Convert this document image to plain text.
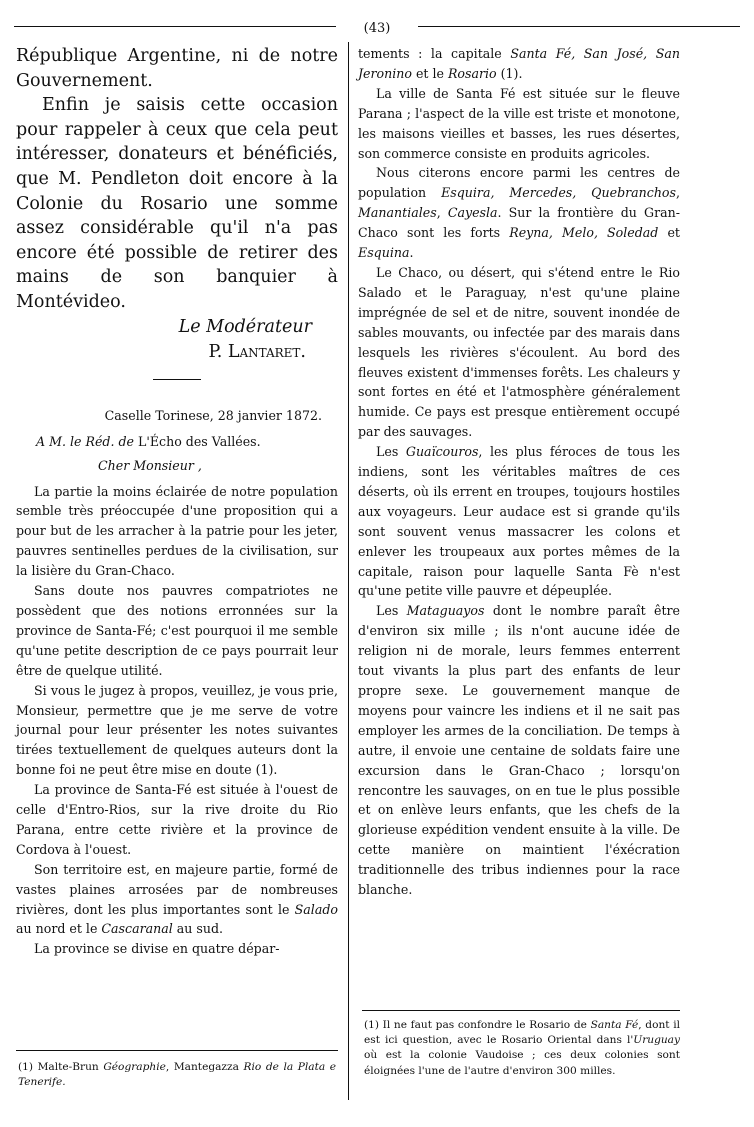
(43)

République Argentine, ni de notre Gouvernement.

Enfin je saisis cette occasion pour rappeler à ceux que cela peut intéresser, donateurs et bénéficiés, que M. Pendleton doit encore à la Colonie du Rosario une somme assez considérable qu'il n'a pas encore été possible de retirer des mains de son banquier à Montévideo.

Le Modérateur
P. Lantaret.
Caselle Torinese, 28 janvier 1872.
A M. le Réd. de L'Écho des Vallées.
Cher Monsieur ,

La partie la moins éclairée de notre population semble très préoccupée d'une proposition qui a pour but de les arracher à la patrie pour les jeter, pauvres sentinelles perdues de la civilisation, sur la lisière du Gran-Chaco.

Sans doute nos pauvres compatriotes ne possèdent que des notions erronnées sur la province de Santa-Fé; c'est pourquoi il me semble qu'une petite description de ce pays pourrait leur être de quelque utilité.

Si vous le jugez à propos, veuillez, je vous prie, Monsieur, permettre que je me serve de votre journal pour leur présenter les notes suivantes tirées textuellement de quelques auteurs dont la bonne foi ne peut être mise en doute (1).

La province de Santa-Fé est située à l'ouest de celle d'Entro-Rios, sur la rive droite du Rio Parana, entre cette rivière et la province de Cordova à l'ouest.

Son territoire est, en majeure partie, formé de vastes plaines arrosées par de nombreuses rivières, dont les plus importantes sont le Salado au nord et le Cascaranal au sud.

La province se divise en quatre dépar-

(1) Malte-Brun Géographie, Mantegazza Rio de la Plata e Tenerife.

tements : la capitale Santa Fé, San José, San Jeronino et le Rosario (1).

La ville de Santa Fé est située sur le fleuve Parana ; l'aspect de la ville est triste et monotone, les maisons vieilles et basses, les rues désertes, son commerce consiste en produits agricoles.

Nous citerons encore parmi les centres de population Esquira, Mercedes, Quebranchos, Manantiales, Cayesla. Sur la frontière du Gran-Chaco sont les forts Reyna, Melo, Soledad et Esquina.

Le Chaco, ou désert, qui s'étend entre le Rio Salado et le Paraguay, n'est qu'une plaine imprégnée de sel et de nitre, souvent inondée de sables mouvants, ou infectée par des marais dans lesquels les rivières s'écoulent. Au bord des fleuves existent d'immenses forêts. Les chaleurs y sont fortes en été et l'atmosphère généralement humide. Ce pays est presque entièrement occupé par des sauvages.

Les Guaïcouros, les plus féroces de tous les indiens, sont les véritables maîtres de ces déserts, où ils errent en troupes, toujours hostiles aux voyageurs. Leur audace est si grande qu'ils sont souvent venus massacrer les colons et enlever les troupeaux aux portes mêmes de la capitale, raison pour laquelle Santa Fè n'est qu'une petite ville pauvre et dépeuplée.

Les Mataguayos dont le nombre paraît être d'environ six mille ; ils n'ont aucune idée de religion ni de morale, leurs femmes enterrent tout vivants la plus part des enfants de leur propre sexe. Le gouvernement manque de moyens pour vaincre les indiens et il ne sait pas employer les armes de la conciliation. De temps à autre, il envoie une centaine de soldats faire une excursion dans le Gran-Chaco ; lorsqu'on rencontre les sauvages, on en tue le plus possible et on enlève leurs enfants, que les chefs de la glorieuse expédition vendent ensuite à la ville. De cette manière on maintient l'éxécration traditionnelle des tribus indiennes pour la race blanche.

(1) Il ne faut pas confondre le Rosario de Santa Fé, dont il est ici question, avec le Rosario Oriental dans l'Uruguay où est la colonie Vaudoise ; ces deux colonies sont éloignées l'une de l'autre d'environ 300 milles.
